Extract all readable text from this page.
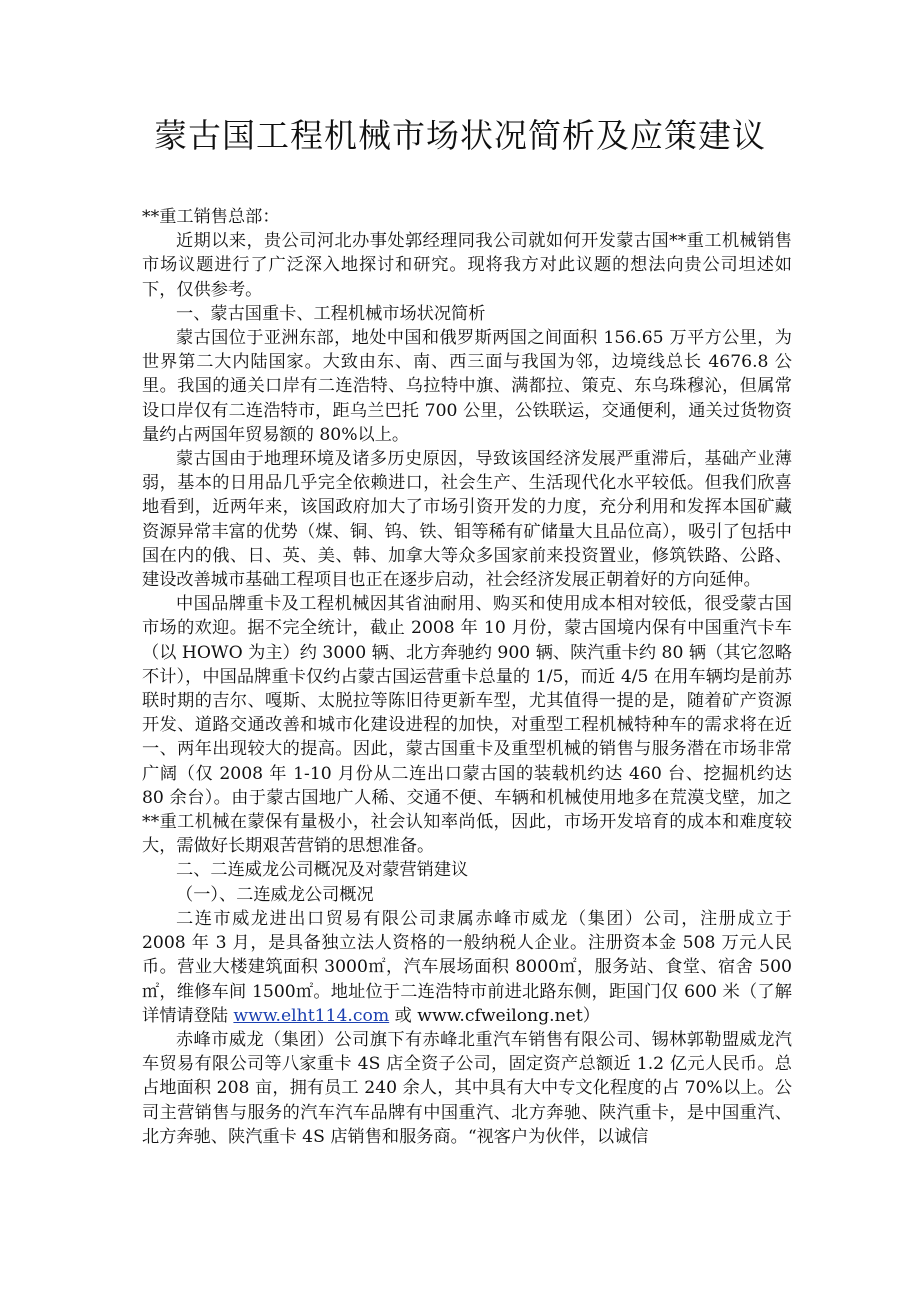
蒙古国工程机械市场状况简析及应策建议

**重工销售总部：

近期以来，贵公司河北办事处郭经理同我公司就如何开发蒙古国**重工机械销售市场议题进行了广泛深入地探讨和研究。现将我方对此议题的想法向贵公司坦述如下，仅供参考。

一、蒙古国重卡、工程机械市场状况简析

蒙古国位于亚洲东部，地处中国和俄罗斯两国之间面积 156.65 万平方公里，为世界第二大内陆国家。大致由东、南、西三面与我国为邻，边境线总长 4676.8 公里。我国的通关口岸有二连浩特、乌拉特中旗、满都拉、策克、东乌珠穆沁，但属常设口岸仅有二连浩特市，距乌兰巴托 700 公里，公铁联运，交通便利，通关过货物资量约占两国年贸易额的 80%以上。

蒙古国由于地理环境及诸多历史原因，导致该国经济发展严重滞后，基础产业薄弱，基本的日用品几乎完全依赖进口，社会生产、生活现代化水平较低。但我们欣喜地看到，近两年来，该国政府加大了市场引资开发的力度，充分利用和发挥本国矿藏资源异常丰富的优势（煤、铜、钨、铁、钼等稀有矿储量大且品位高），吸引了包括中国在内的俄、日、英、美、韩、加拿大等众多国家前来投资置业，修筑铁路、公路、建设改善城市基础工程项目也正在逐步启动，社会经济发展正朝着好的方向延伸。

中国品牌重卡及工程机械因其省油耐用、购买和使用成本相对较低，很受蒙古国市场的欢迎。据不完全统计，截止 2008 年 10 月份，蒙古国境内保有中国重汽卡车（以 HOWO 为主）约 3000 辆、北方奔驰约 900 辆、陕汽重卡约 80 辆（其它忽略不计），中国品牌重卡仅约占蒙古国运营重卡总量的 1/5，而近 4/5 在用车辆均是前苏联时期的吉尔、嘎斯、太脱拉等陈旧待更新车型，尤其值得一提的是，随着矿产资源开发、道路交通改善和城市化建设进程的加快，对重型工程机械特种车的需求将在近一、两年出现较大的提高。因此，蒙古国重卡及重型机械的销售与服务潜在市场非常广阔（仅 2008 年 1-10 月份从二连出口蒙古国的装载机约达 460 台、挖掘机约达 80 余台）。由于蒙古国地广人稀、交通不便、车辆和机械使用地多在荒漠戈壁，加之**重工机械在蒙保有量极小，社会认知率尚低，因此，市场开发培育的成本和难度较大，需做好长期艰苦营销的思想准备。

二、二连威龙公司概况及对蒙营销建议

（一）、二连威龙公司概况

二连市威龙进出口贸易有限公司隶属赤峰市威龙（集团）公司，注册成立于 2008 年 3 月，是具备独立法人资格的一般纳税人企业。注册资本金 508 万元人民币。营业大楼建筑面积 3000㎡，汽车展场面积 8000㎡，服务站、食堂、宿舍 500㎡，维修车间 1500㎡。地址位于二连浩特市前进北路东侧，距国门仅 600 米（了解详情请登陆 www.elht114.com 或 www.cfweilong.net）

赤峰市威龙（集团）公司旗下有赤峰北重汽车销售有限公司、锡林郭勒盟威龙汽车贸易有限公司等八家重卡 4S 店全资子公司，固定资产总额近 1.2 亿元人民币。总占地面积 208 亩，拥有员工 240 余人，其中具有大中专文化程度的占 70%以上。公司主营销售与服务的汽车汽车品牌有中国重汽、北方奔驰、陕汽重卡，是中国重汽、北方奔驰、陕汽重卡 4S 店销售和服务商。“视客户为伙伴，以诚信
